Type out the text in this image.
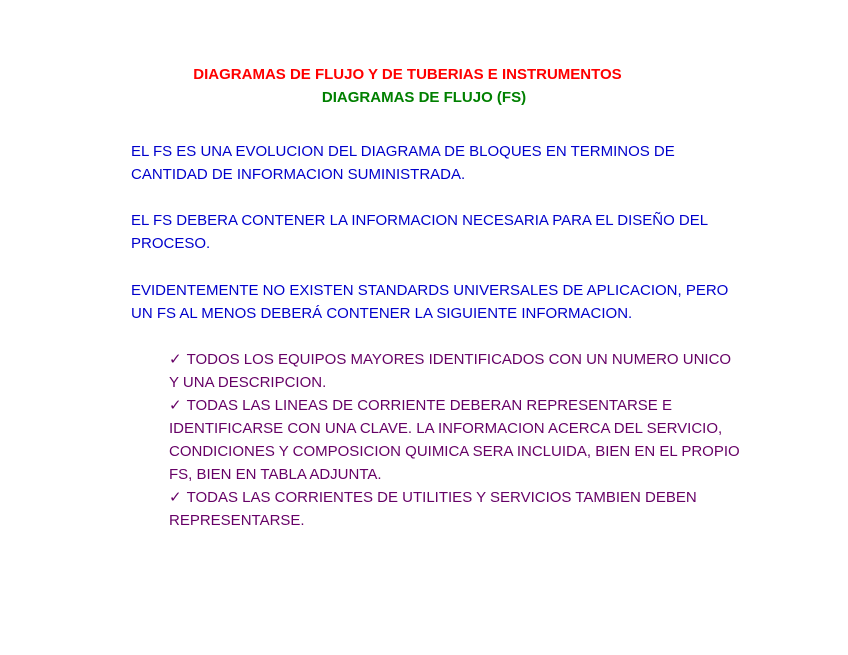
DIAGRAMAS DE FLUJO Y DE TUBERIAS E INSTRUMENTOS
DIAGRAMAS DE FLUJO (FS)

EL FS ES UNA EVOLUCION DEL DIAGRAMA DE BLOQUES EN TERMINOS DE CANTIDAD DE INFORMACION SUMINISTRADA.

EL FS DEBERA CONTENER LA INFORMACION NECESARIA PARA EL DISEÑO DEL PROCESO.

EVIDENTEMENTE NO EXISTEN STANDARDS UNIVERSALES DE APLICACION, PERO UN FS AL MENOS DEBERÁ CONTENER LA SIGUIENTE INFORMACION.

✓ TODOS LOS EQUIPOS MAYORES IDENTIFICADOS CON UN NUMERO UNICO Y UNA DESCRIPCION.
✓ TODAS LAS LINEAS DE CORRIENTE DEBERAN REPRESENTARSE E IDENTIFICARSE CON UNA CLAVE. LA INFORMACION ACERCA DEL SERVICIO, CONDICIONES Y COMPOSICION QUIMICA SERA INCLUIDA, BIEN EN EL PROPIO FS, BIEN EN TABLA ADJUNTA.
✓ TODAS LAS CORRIENTES DE UTILITIES Y SERVICIOS TAMBIEN DEBEN REPRESENTARSE.
